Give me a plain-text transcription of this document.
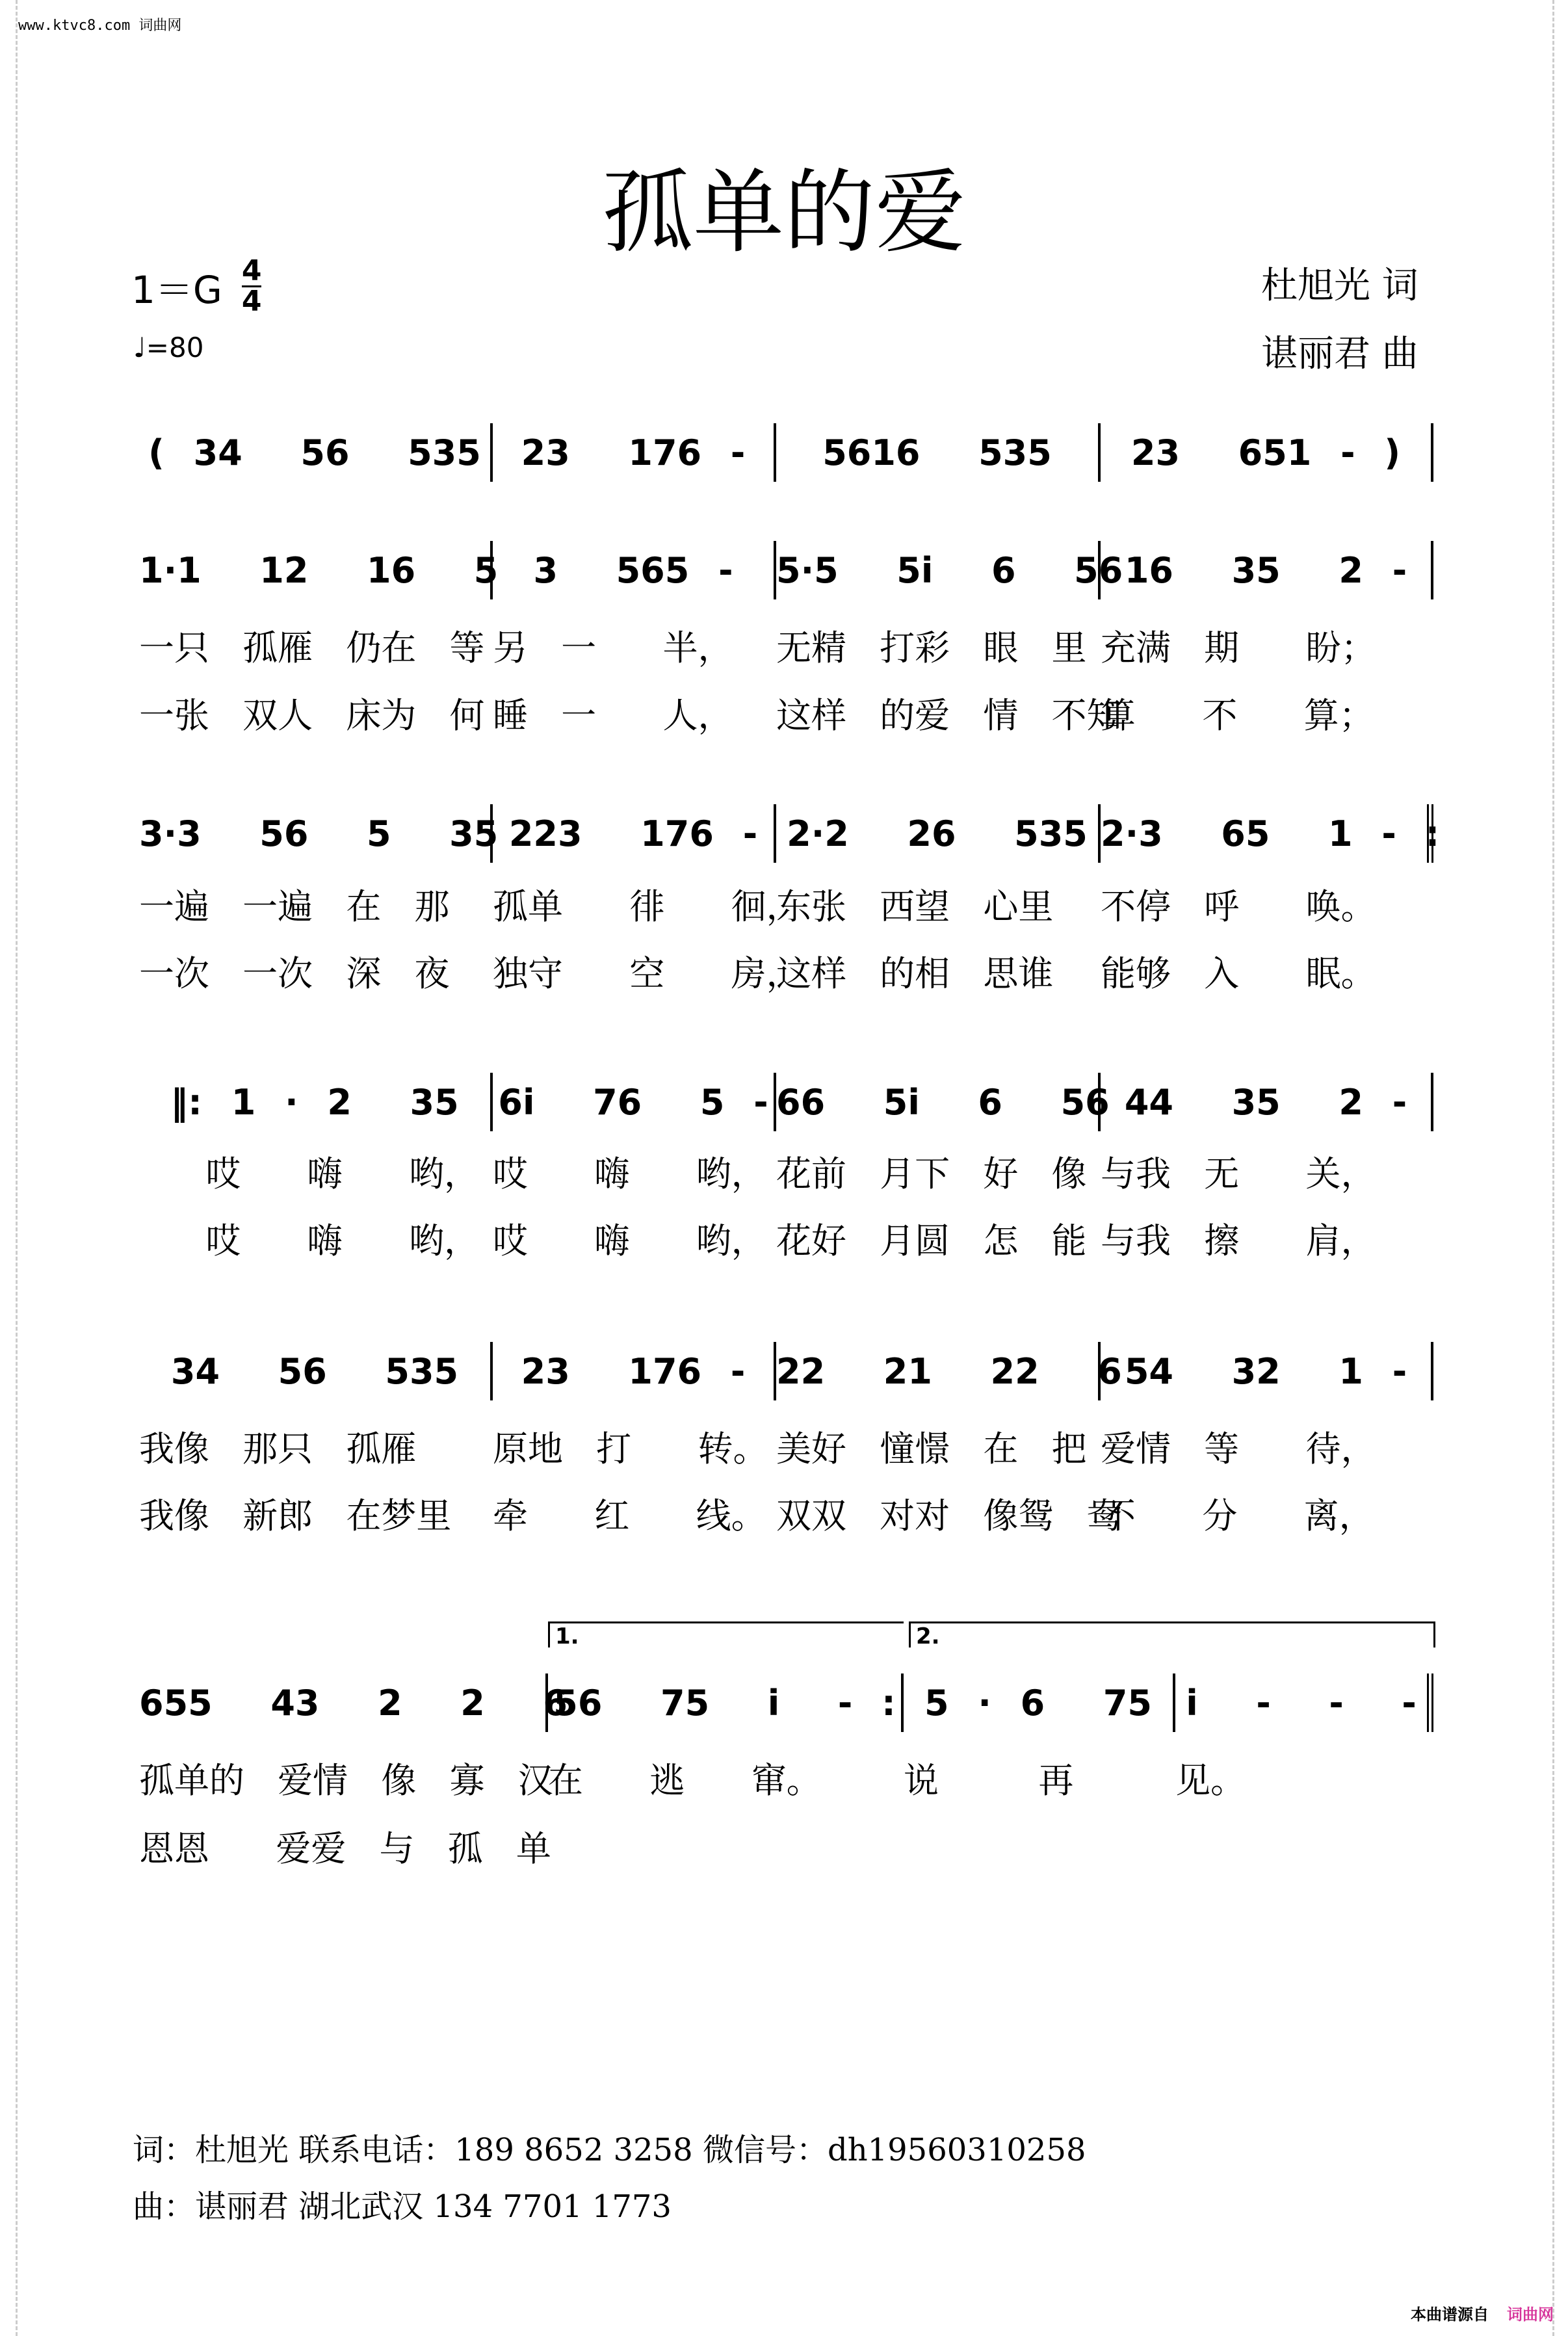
www.ktvc8.com 词曲网
孤单的爱
$1=G \frac{4}{4}$
♩=80
杜旭光 词
谌丽君 曲
( 34  56  535	23  176 -	5616  535	23  651 - )
1·1  12  16  5	3  565 -	5·5  5i  6  56 16  35  2 -
一只 孤雁 仍在 等 另 一  半，	无精 打彩 眼 里 充满 期  盼；
一张 双人 床为 何 睡 一  人，	这样 的爱 情 不知
算  不  算；
3·3  56  5  35 223  176 - 2·2  26  535 2·3  65  1 - :
一遍 一遍 在 那	孤单  徘  徊，
东张 西望 心里	不停 呼  唤。
一次 一次 深 夜	独守  空  房，
这样 的相 思谁	能够 入  眠。
‖: 1 · 2  35	6i  76  5 - 66  5i  6  56 44  35  2 -
哎  嗨  哟， 哎  嗨  哟， 花前 月下 好 像 与我 无  关，
哎  嗨  哟， 哎  嗨  哟， 花好 月圆 怎 能 与我 擦  肩，
34  56  535	23  176 - 22  21  22  6 54  32  1 -
我像 那只 孤雁	原地 打  转。 美好 憧憬 在 把 爱情 等  待，
我像 新郎 在梦里	牵  红  线。 双双 对对 像鸳 鸯
不  分  离，
655  43  2  2  6
56  75  i  - : 5 · 6  75 i  -  -  -
孤单的 爱情 像 寡 汉
在  逃  窜。	说   再	见。
恩恩  爱爱 与 孤 单
1.	2.
词：杜旭光 联系电话：189 8652 3258 微信号：dh19560310258
曲：谌丽君 湖北武汉 134 7701 1773
本曲谱源自 词曲网
